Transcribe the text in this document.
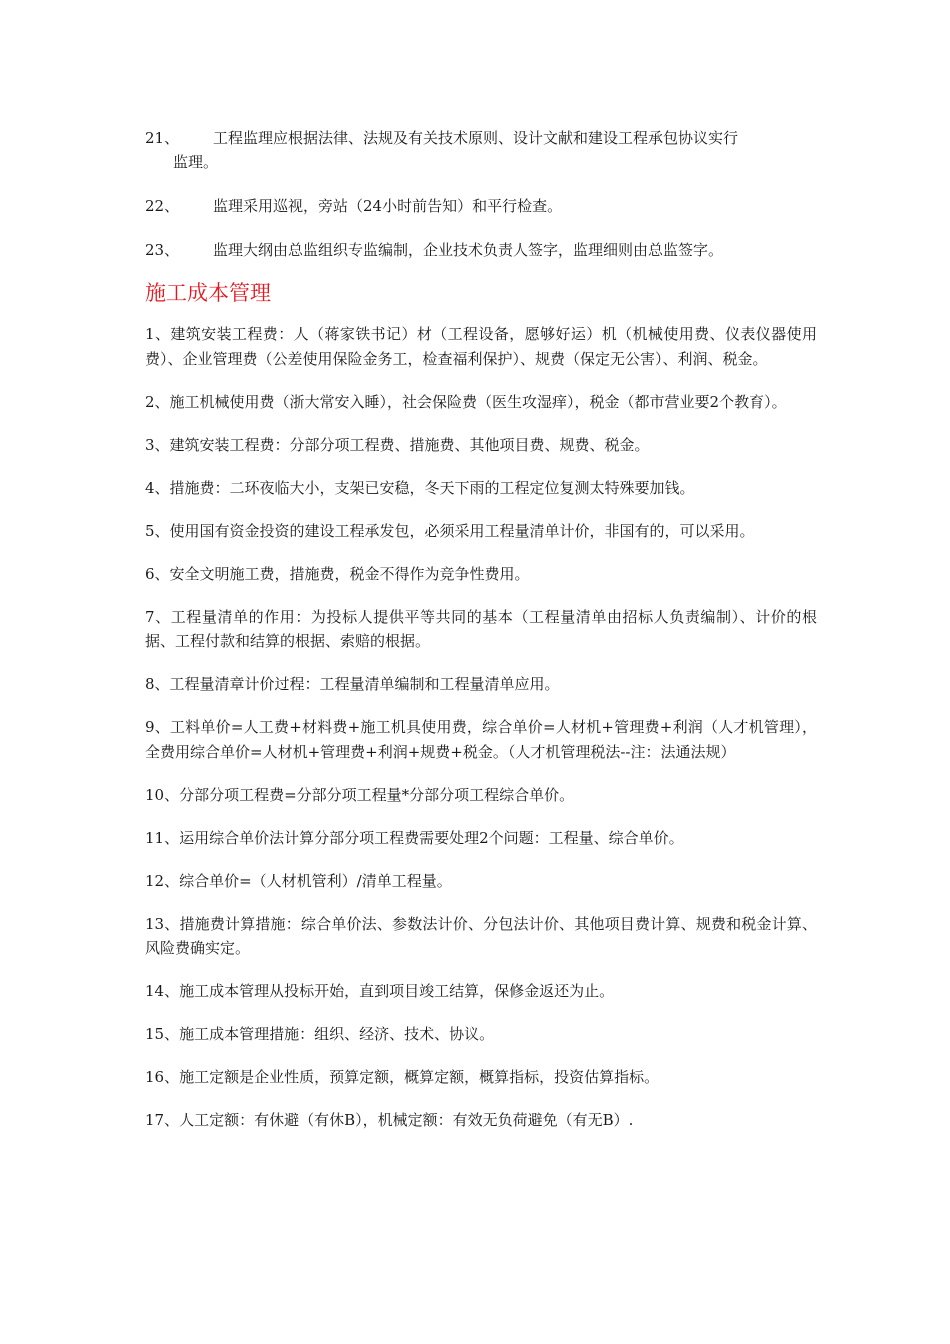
21、	工程监理应根据法律、法规及有关技术原则、设计文献和建设工程承包协议实行
监理。
22、	监理采用巡视，旁站（24小时前告知）和平行检查。
23、	监理大纲由总监组织专监编制，企业技术负责人签字，监理细则由总监签字。
施工成本管理

1、建筑安装工程费：人（蒋家铁书记）材（工程设备，愿够好运）机（机械使用费、仪表仪器使用费）、企业管理费（公差使用保险金务工，检查福利保护）、规费（保定无公害）、利润、税金。

2、施工机械使用费（浙大常安入睡），社会保险费（医生攻湿痒），税金（都市营业要2个教育）。

3、建筑安装工程费：分部分项工程费、措施费、其他项目费、规费、税金。

4、措施费：二环夜临大小，支架已安稳，冬天下雨的工程定位复测太特殊要加钱。

5、使用国有资金投资的建设工程承发包，必须采用工程量清单计价，非国有的，可以采用。

6、安全文明施工费，措施费，税金不得作为竞争性费用。

7、工程量清单的作用：为投标人提供平等共同的基本（工程量清单由招标人负责编制）、计价的根据、工程付款和结算的根据、索赔的根据。

8、工程量清章计价过程：工程量清单编制和工程量清单应用。

9、工料单价=人工费+材料费+施工机具使用费，综合单价=人材机+管理费+利润（人才机管理），全费用综合单价=人材机+管理费+利润+规费+税金。（人才机管理税法--注：法通法规）

10、分部分项工程费=分部分项工程量*分部分项工程综合单价。

11、运用综合单价法计算分部分项工程费需要处理2个问题：工程量、综合单价。

12、综合单价=（人材机管利）/清单工程量。

13、措施费计算措施：综合单价法、参数法计价、分包法计价、其他项目费计算、规费和税金计算、风险费确实定。

14、施工成本管理从投标开始，直到项目竣工结算，保修金返还为止。

15、施工成本管理措施：组织、经济、技术、协议。

16、施工定额是企业性质，预算定额，概算定额，概算指标，投资估算指标。

17、人工定额：有休避（有休B），机械定额：有效无负荷避免（有无B）.
